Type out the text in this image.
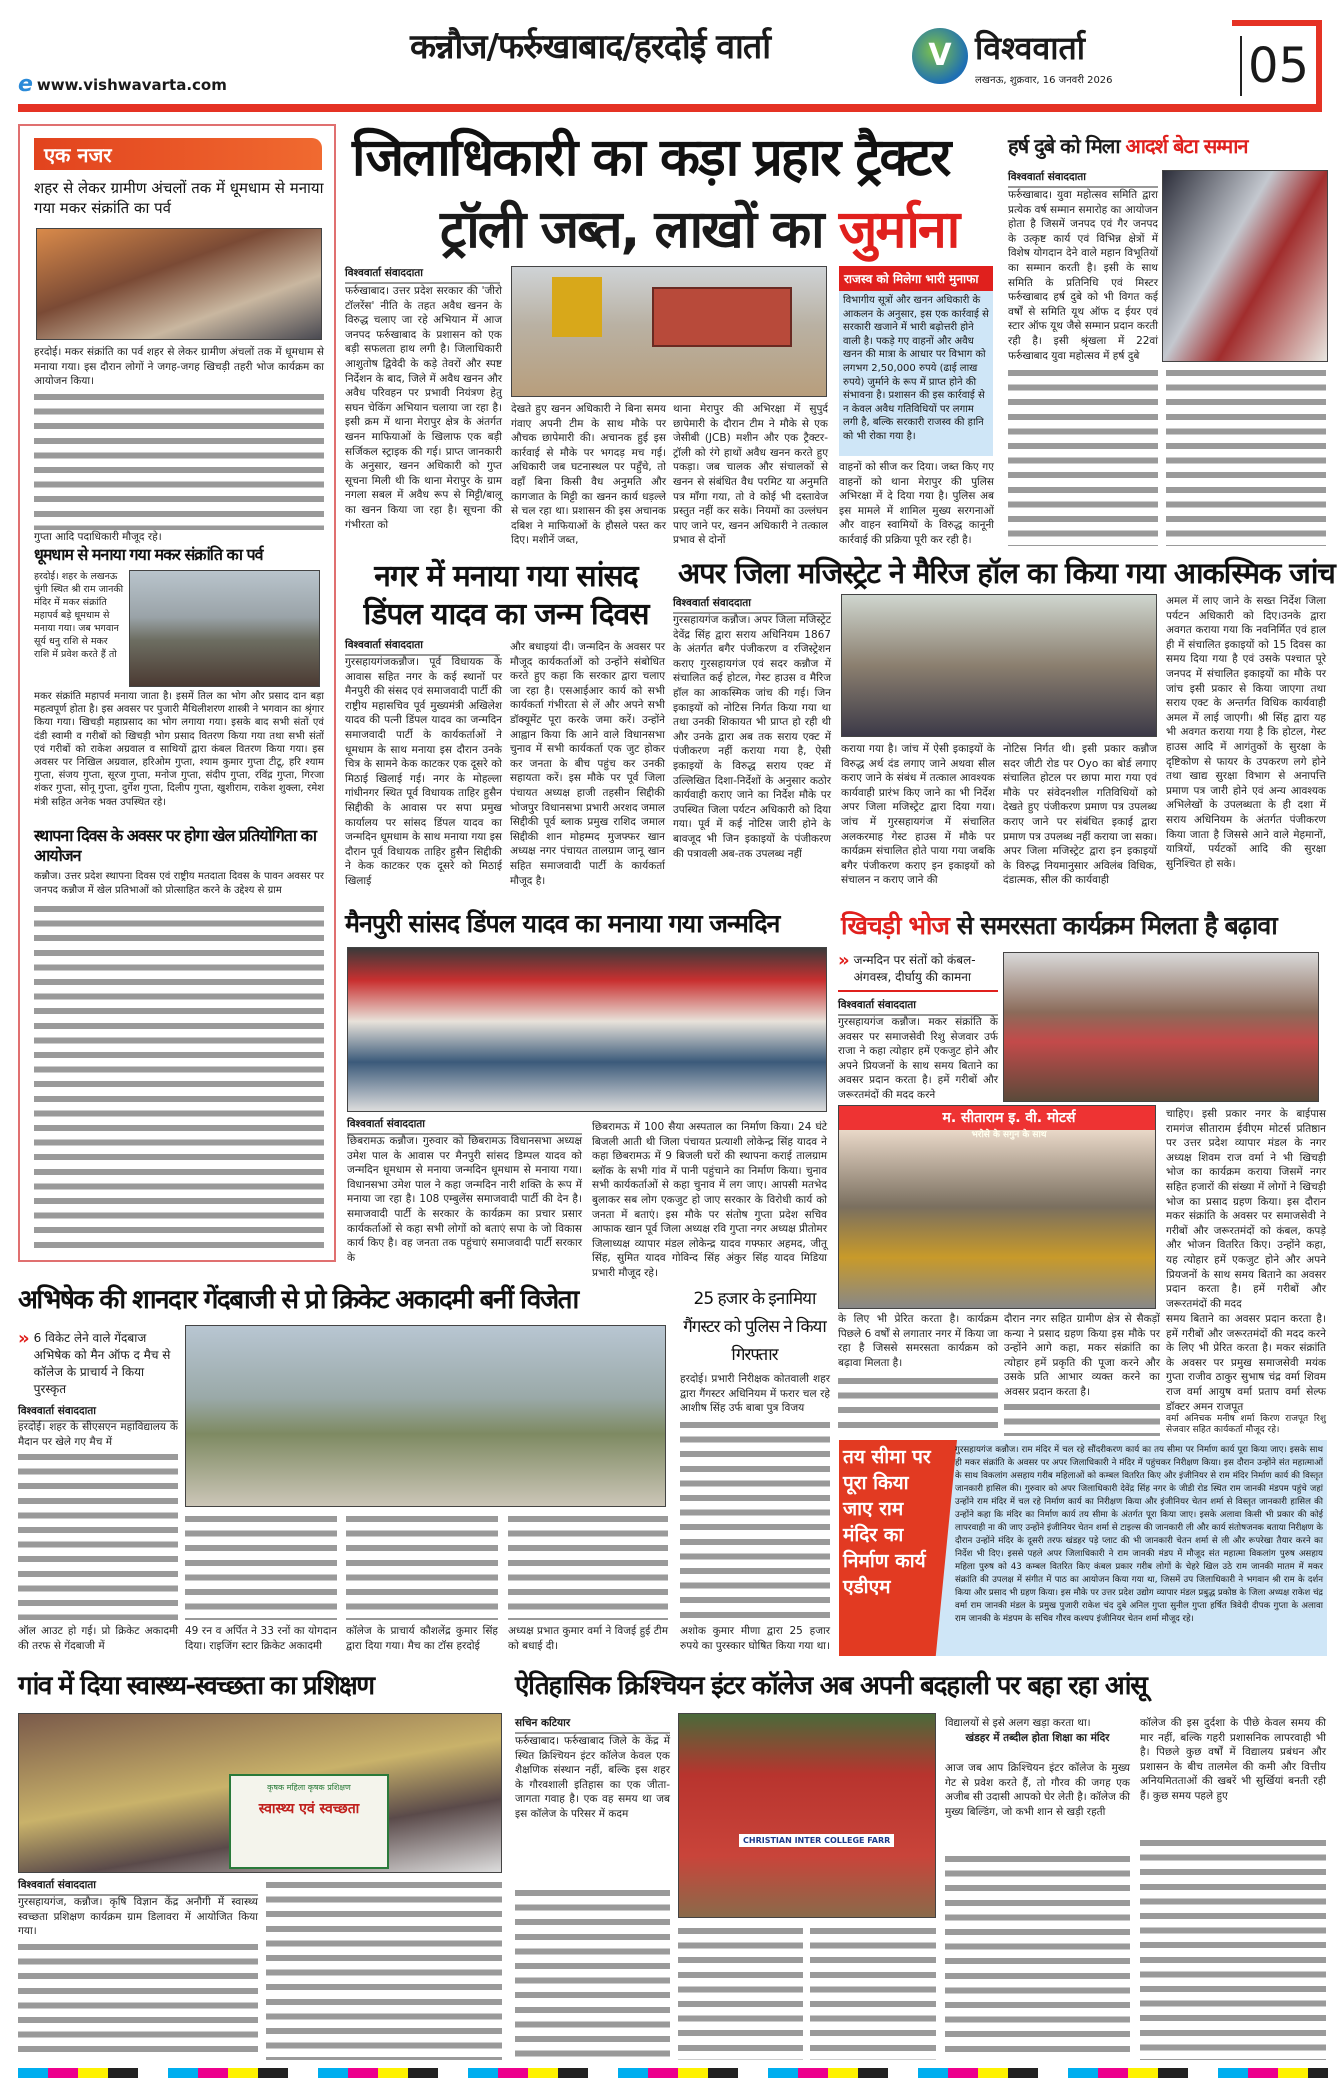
कन्नौज/फर्रुखाबाद/हरदोई वार्ता
e www.vishwavarta.com
V विश्ववार्ता
लखनऊ, शुक्रवार, 16 जनवरी 2026	05
एक नजर
शहर से लेकर ग्रामीण अंचलों तक में धूमधाम से मनाया गया मकर संक्रांति का पर्व
हरदोई। मकर संक्रांति का पर्व शहर से लेकर ग्रामीण अंचलों तक में धूमधाम से मनाया गया। इस दौरान लोगों ने जगह-जगह खिचड़ी तहरी भोज कार्यक्रम का आयोजन किया।
गुप्ता आदि पदाधिकारी मौजूद रहे।
धूमधाम से मनाया गया मकर संक्रांति का पर्व
हरदोई। शहर के लखनऊ चुंगी स्थित श्री राम जानकी मंदिर में मकर संक्रांति महापर्व बड़े धूमधाम से मनाया गया। जब भगवान सूर्य धनु राशि से मकर राशि में प्रवेश करते हैं तो
मकर संक्रांति महापर्व मनाया जाता है। इसमें तिल का भोग और प्रसाद दान बड़ा महत्वपूर्ण होता है। इस अवसर पर पुजारी मैथिलीशरण शास्त्री ने भगवान का श्रृंगार किया गया। खिचड़ी महाप्रसाद का भोग लगाया गया। इसके बाद सभी संतों एवं दंडी स्वामी व गरीबों को खिचड़ी भोग प्रसाद वितरण किया गया तथा सभी संतों एवं गरीबों को राकेश अग्रवाल व साथियों द्वारा कंबल वितरण किया गया। इस अवसर पर निखिल अग्रवाल, हरिओम गुप्ता, श्याम कुमार गुप्ता टीटू, हरि श्याम गुप्ता, संजय गुप्ता, सूरज गुप्ता, मनोज गुप्ता, संदीप गुप्ता, रविंद्र गुप्ता, गिरजा शंकर गुप्ता, सोनू गुप्ता, दुर्गेश गुप्ता, दिलीप गुप्ता, खुशीराम, राकेश शुक्ला, रमेश मंत्री सहित अनेक भक्त उपस्थित रहे।
स्थापना दिवस के अवसर पर होगा खेल प्रतियोगिता का आयोजन
कन्नौज। उत्तर प्रदेश स्थापना दिवस एवं राष्ट्रीय मतदाता दिवस के पावन अवसर पर जनपद कन्नौज में खेल प्रतिभाओं को प्रोत्साहित करने के उद्देश्य से ग्राम
जिलाधिकारी का कड़ा प्रहार ट्रैक्टर
ट्रॉली जब्त, लाखों का जुर्माना
विश्ववार्ता संवाददाता
फर्रुखाबाद। उत्तर प्रदेश सरकार की 'जीरो टॉलरेंस' नीति के तहत अवैध खनन के विरुद्ध चलाए जा रहे अभियान में आज जनपद फर्रुखाबाद के प्रशासन को एक बड़ी सफलता हाथ लगी है। जिलाधिकारी आशुतोष द्विवेदी के कड़े तेवरों और स्पष्ट निर्देशन के बाद, जिले में अवैध खनन और अवैध परिवहन पर प्रभावी नियंत्रण हेतु सघन चेकिंग अभियान चलाया जा रहा है। इसी क्रम में थाना मेरापुर क्षेत्र के अंतर्गत खनन माफियाओं के खिलाफ एक बड़ी सर्जिकल स्ट्राइक की गई। प्राप्त जानकारी के अनुसार, खनन अधिकारी को गुप्त सूचना मिली थी कि थाना मेरापुर के ग्राम नगला सबल में अवैध रूप से मिट्टी/बालू का खनन किया जा रहा है। सूचना की गंभीरता को
देखते हुए खनन अधिकारी ने बिना समय गंवाए अपनी टीम के साथ मौके पर औचक छापेमारी की। अचानक हुई इस कार्रवाई से मौके पर भगदड़ मच गई। अधिकारी जब घटनास्थल पर पहुँचे, तो वहाँ बिना किसी वैध अनुमति और कागजात के मिट्टी का खनन कार्य धड़ल्ले से चल रहा था। प्रशासन की इस अचानक दबिश ने माफियाओं के हौसले पस्त कर दिए। मशीनें जब्त,
थाना मेरापुर की अभिरक्षा में सुपुर्द छापेमारी के दौरान टीम ने मौके से एक जेसीबी (JCB) मशीन और एक ट्रैक्टर-ट्रॉली को रंगे हाथों अवैध खनन करते हुए पकड़ा। जब चालक और संचालकों से खनन से संबंधित वैध परमिट या अनुमति पत्र माँगा गया, तो वे कोई भी दस्तावेज प्रस्तुत नहीं कर सके। नियमों का उल्लंघन पाए जाने पर, खनन अधिकारी ने तत्काल प्रभाव से दोनों
राजस्व को मिलेगा भारी मुनाफा
विभागीय सूत्रों और खनन अधिकारी के आकलन के अनुसार, इस एक कार्रवाई से सरकारी खजाने में भारी बढ़ोत्तरी होने वाली है। पकड़े गए वाहनों और अवैध खनन की मात्रा के आधार पर विभाग को लगभग 2,50,000 रुपये (ढाई लाख रुपये) जुर्माने के रूप में प्राप्त होने की संभावना है। प्रशासन की इस कार्रवाई से न केवल अवैध गतिविधियों पर लगाम लगी है, बल्कि सरकारी राजस्व की हानि को भी रोका गया है।
वाहनों को सीज कर दिया। जब्त किए गए वाहनों को थाना मेरापुर की पुलिस अभिरक्षा में दे दिया गया है। पुलिस अब इस मामले में शामिल मुख्य सरगनाओं और वाहन स्वामियों के विरुद्ध कानूनी कार्रवाई की प्रक्रिया पूरी कर रही है।
हर्ष दुबे को मिला आदर्श बेटा सम्मान
विश्ववार्ता संवाददाता
फर्रुखाबाद। युवा महोत्सव समिति द्वारा प्रत्येक वर्ष सम्मान समारोह का आयोजन होता है जिसमें जनपद एवं गैर जनपद के उत्कृष्ट कार्य एवं विभिन्न क्षेत्रों में विशेष योगदान देने वाले महान विभूतियों का सम्मान करती है। इसी के साथ समिति के प्रतिनिधि एवं मिस्टर फर्रुखाबाद हर्ष दुबे को भी विगत कई वर्षों से समिति यूथ ऑफ द ईयर एवं स्टार ऑफ यूथ जैसे सम्मान प्रदान करती रही है। इसी श्रृंखला में 22वां फर्रुखाबाद युवा महोत्सव में हर्ष दुबे
नगर में मनाया गया सांसद डिंपल यादव का जन्म दिवस
विश्ववार्ता संवाददाता
गुरसहायगंजकन्नौज। पूर्व विधायक के आवास सहित नगर के कई स्थानों पर मैनपुरी की संसद एवं समाजवादी पार्टी की राष्ट्रीय महासचिव पूर्व मुख्यमंत्री अखिलेश यादव की पत्नी डिंपल यादव का जन्मदिन समाजवादी पार्टी के कार्यकर्ताओं ने धूमधाम के साथ मनाया इस दौरान उनके चित्र के सामने केक काटकर एक दूसरे को मिठाई खिलाई गई। नगर के मोहल्ला गांधीनगर स्थित पूर्व विधायक ताहिर हुसैन सिद्दीकी के आवास पर सपा प्रमुख कार्यालय पर सांसद डिंपल यादव का जन्मदिन धूमधाम के साथ मनाया गया इस दौरान पूर्व विधायक ताहिर हुसैन सिद्दीकी ने केक काटकर एक दूसरे को मिठाई खिलाई
और बधाइयां दी। जन्मदिन के अवसर पर मौजूद कार्यकर्ताओं को उन्होंने संबोधित करते हुए कहा कि सरकार द्वारा चलाए जा रहा है। एसआईआर कार्य को सभी कार्यकर्ता गंभीरता से लें और अपने सभी डॉक्यूमेंट पूरा करके जमा करें। उन्होंने आह्वान किया कि आने वाले विधानसभा चुनाव में सभी कार्यकर्ता एक जुट होकर कर जनता के बीच पहुंच कर उनकी सहायता करें। इस मौके पर पूर्व जिला पंचायत अध्यक्ष हाजी तहसीन सिद्दीकी भोजपुर विधानसभा प्रभारी अरशद जमाल सिद्दीकी पूर्व ब्लाक प्रमुख राशिद जमाल सिद्दीकी शान मोहम्मद मुजफ्फर खान अध्यक्ष नगर पंचायत तालग्राम जानू खान सहित समाजवादी पार्टी के कार्यकर्ता मौजूद है।
अपर जिला मजिस्ट्रेट ने मैरिज हॉल का किया गया आकस्मिक जांच
विश्ववार्ता संवाददाता
गुरसहायगंज कन्नौज। अपर जिला मजिस्ट्रेट देवेंद्र सिंह द्वारा सराय अधिनियम 1867 के अंतर्गत बगैर पंजीकरण व रजिस्ट्रेशन कराए गुरसहायगंज एवं सदर कन्नौज में संचालित कई होटल, गेस्ट हाउस व मैरिज हॉल का आकस्मिक जांच की गई। जिन इकाइयों को नोटिस निर्गत किया गया था तथा उनकी शिकायत भी प्राप्त हो रही थी और उनके द्वारा अब तक सराय एक्ट में पंजीकरण नहीं कराया गया है, ऐसी इकाइयों के विरुद्ध सराय एक्ट में उल्लिखित दिशा-निर्देशों के अनुसार कठोर कार्यवाही कराए जाने का निर्देश मौके पर उपस्थित जिला पर्यटन अधिकारी को दिया गया। पूर्व में कई नोटिस जारी होने के बावजूद भी जिन इकाइयों के पंजीकरण की पत्रावली अब-तक उपलब्ध नहीं
कराया गया है। जांच में ऐसी इकाइयों के विरुद्ध अर्थ दंड लगाए जाने अथवा सील कराए जाने के संबंध में तत्काल आवश्यक कार्यवाही प्रारंभ किए जाने का भी निर्देश अपर जिला मजिस्ट्रेट द्वारा दिया गया। जांच में गुरसहायगंज में संचालित अलकरमाह गेस्ट हाउस में मौके पर कार्यक्रम संचालित होते पाया गया जबकि बगैर पंजीकरण कराए इन इकाइयों को संचालन न कराए जाने की
नोटिस निर्गत थी। इसी प्रकार कन्नौज सदर जीटी रोड पर Oyo का बोर्ड लगाए संचालित होटल पर छापा मारा गया एवं मौके पर संवेदनशील गतिविधियों को देखते हुए पंजीकरण प्रमाण पत्र उपलब्ध कराए जाने पर संबंधित इकाई द्वारा प्रमाण पत्र उपलब्ध नहीं कराया जा सका। अपर जिला मजिस्ट्रेट द्वारा इन इकाइयों के विरुद्ध नियमानुसार अविलंब विधिक, दंडात्मक, सील की कार्यवाही
अमल में लाए जाने के सख्त निर्देश जिला पर्यटन अधिकारी को दिए।उनके द्वारा अवगत कराया गया कि नवनिर्मित एवं हाल ही में संचालित इकाइयों को 15 दिवस का समय दिया गया है एवं उसके पश्चात पूरे जनपद में संचालित इकाइयों का मौके पर जांच इसी प्रकार से किया जाएगा तथा सराय एक्ट के अन्तर्गत विधिक कार्यवाही अमल में लाई जाएगी। श्री सिंह द्वारा यह भी अवगत कराया गया है कि होटल, गेस्ट हाउस आदि में आगंतुकों के सुरक्षा के दृष्टिकोण से फायर के उपकरण लगे होने तथा खाद्य सुरक्षा विभाग से अनापत्ति प्रमाण पत्र जारी होने एवं अन्य आवश्यक अभिलेखों के उपलब्धता के ही दशा में सराय अधिनियम के अंतर्गत पंजीकरण किया जाता है जिससे आने वाले मेहमानों, यात्रियों, पर्यटकों आदि की सुरक्षा सुनिश्चित हो सके।
मैनपुरी सांसद डिंपल यादव का मनाया गया जन्मदिन
विश्ववार्ता संवाददाता
छिबरामऊ कन्नौज। गुरुवार को छिबरामऊ विधानसभा अध्यक्ष उमेश पाल के आवास पर मैनपुरी सांसद डिम्पल यादव को जन्मदिन धूमधाम से मनाया जन्मदिन धूमधाम से मनाया गया। विधानसभा उमेश पाल ने कहा जन्मदिन नारी शक्ति के रूप में मनाया जा रहा है। 108 एम्बुलेंस समाजवादी पार्टी की देन है। समाजवादी पार्टी के सरकार के कार्यक्रम का प्रचार प्रसार कार्यकर्ताओं से कहा सभी लोगों को बताएं सपा के जो विकास कार्य किए है। वह जनता तक पहुंचाएं समाजवादी पार्टी सरकार के
छिबरामऊ में 100 सैया अस्पताल का निर्माण किया। 24 घंटे बिजली आती थी जिला पंचायत प्रत्याशी लोकेन्द्र सिंह यादव ने कहा छिबरामऊ में 9 बिजली घरों की स्थापना कराई तालग्राम ब्लॉक के सभी गांव में पानी पहुंचाने का निर्माण किया। चुनाव सभी कार्यकर्ताओं से कहा चुनाव में लग जाए। आपसी मतभेद बुलाकर सब लोग एकजुट हो जाए सरकार के विरोधी कार्य को जनता में बताएं। इस मौके पर संतोष गुप्ता प्रदेश सचिव आफाक खान पूर्व जिला अध्यक्ष रवि गुप्ता नगर अध्यक्ष प्रीतोमर जिलाध्यक्ष व्यापार मंडल लोकेन्द्र यादव गफ्फार अहमद, जीतू सिंह, सुमित यादव गोविन्द सिंह अंकुर सिंह यादव मिडिया प्रभारी मौजूद रहे।
खिचड़ी भोज से समरसता कार्यक्रम मिलता है बढ़ावा
» जन्मदिन पर संतों को कंबल-अंगवस्त्र, दीर्घायु की कामना
विश्ववार्ता संवाददाता
गुरसहायगंज कन्नौज। मकर संक्रांति के अवसर पर समाजसेवी रिशु सेजवार उर्फ राजा ने कहा त्योहार हमें एकजुट होने और अपने प्रियजनों के साथ समय बिताने का अवसर प्रदान करता है। हमें गरीबों और जरूरतमंदों की मदद करने
म. सीताराम इ. वी. मोटर्स
भरोसे के सगुन के साथ
चाहिए। इसी प्रकार नगर के बाईपास रामगंज सीताराम ईवीएम मोटर्स प्रतिष्ठान पर उत्तर प्रदेश व्यापार मंडल के नगर अध्यक्ष शिवम राज वर्मा ने भी खिचड़ी भोज का कार्यक्रम कराया जिसमें नगर सहित हजारों की संख्या में लोगों ने खिचड़ी भोज का प्रसाद ग्रहण किया। इस दौरान मकर संक्रांति के अवसर पर समाजसेवी ने गरीबों और जरूरतमंदों को कंबल, कपड़े और भोजन वितरित किए। उन्होंने कहा, यह त्योहार हमें एकजुट होने और अपने प्रियजनों के साथ समय बिताने का अवसर प्रदान करता है। हमें गरीबों और जरूरतमंदों की मदद
के लिए भी प्रेरित करता है। कार्यक्रम पिछले 6 वर्षों से लगातार नगर में किया जा रहा है जिससे समरसता कार्यक्रम को बढ़ावा मिलता है।
दौरान नगर सहित ग्रामीण क्षेत्र से सैकड़ों कन्या ने प्रसाद ग्रहण किया इस मौके पर उन्होंने आगे कहा, मकर संक्रांति का त्योहार हमें प्रकृति की पूजा करने और उसके प्रति आभार व्यक्त करने का अवसर प्रदान करता है।
समय बिताने का अवसर प्रदान करता है। हमें गरीबों और जरूरतमंदों की मदद करने के लिए भी प्रेरित करता है। मकर संक्रांति के अवसर पर प्रमुख समाजसेवी मयंक गुप्ता राजीव ठाकुर सुभाष चंद्र वर्मा शिवम राज वर्मा आयुष वर्मा प्रताप वर्मा सेल्फ डॉक्टर अमन राजपूत
वर्मा अनिचक मनीष शर्मा किरण राजपूत रिशु सेजवार सहित कार्यकर्ता मौजूद रहे।
अभिषेक की शानदार गेंदबाजी से प्रो क्रिकेट अकादमी बनीं विजेता
» 6 विकेट लेने वाले गेंदबाज अभिषेक को मैन ऑफ द मैच से कॉलेज के प्राचार्य ने किया पुरस्कृत
विश्ववार्ता संवाददाता
हरदोई। शहर के सीएसएन महाविद्यालय के मैदान पर खेले गए मैच में
ऑल आउट हो गई। प्रो क्रिकेट अकादमी की तरफ से गेंदबाजी में
49 रन व अर्पित ने 33 रनों का योगदान दिया। राइजिंग स्टार क्रिकेट अकादमी
कॉलेज के प्राचार्य कौशलेंद्र कुमार सिंह द्वारा दिया गया। मैच का टॉस हरदोई
अध्यक्ष प्रभात कुमार वर्मा ने विजई हुई टीम को बधाई दी।
25 हजार के इनामिया गैंगस्टर को पुलिस ने किया गिरफ्तार
हरदोई। प्रभारी निरीक्षक कोतवाली शहर द्वारा गैंगस्टर अधिनियम में फरार चल रहे आशीष सिंह उर्फ बाबा पुत्र विजय
अशोक कुमार मीणा द्वारा 25 हजार रुपये का पुरस्कार घोषित किया गया था।
तय सीमा पर पूरा किया जाए राम मंदिर का निर्माण कार्य एडीएम
गुरसहायगंज कन्नौज। राम मंदिर में चल रहे सौंदरीकरण कार्य का तय सीमा पर निर्माण कार्य पूरा किया जाए। इसके साथ ही मकर संक्रांति के अवसर पर अपर जिलाधिकारी ने मंदिर में पहुंचकर निरीक्षण किया। इस दौरान उन्होंने संत महात्माओं के साथ विकलांग असहाय गरीब महिलाओं को कम्बल वितरित किए और इंजीनियर से राम मंदिर निर्माण कार्य की विस्तृत जानकारी हासिल की। गुरुवार को अपर जिलाधिकारी देवेंद्र सिंह नगर के जीडी रोड स्थित राम जानकी मंडपम पहुंचे जहां उन्होंने राम मंदिर में चल रहे निर्माण कार्य का निरीक्षण किया और इंजीनियर चेतन शर्मा से विस्तृत जानकारी हासिल की उन्होंने कहा कि मंदिर का निर्माण कार्य तय सीमा के अंतर्गत पूरा किया जाए। इसके अलावा किसी भी प्रकार की कोई लापरवाही ना की जाए उन्होंने इंजीनियर चेतन शर्मा से टाइल्स की जानकारी ली और कार्य संतोषजनक बताया निरीक्षण के दौरान उन्होंने मंदिर के दूसरी तरफ खंडहर पड़े प्लाट की भी जानकारी चेतन शर्मा से ली और रूपरेखा तैयार करने का निर्देश भी दिए। इससे पहले अपर जिलाधिकारी ने राम जानकी मंडप में मौजूद संत महात्मा विकलांग पुरुष असहाय महिला पुरुष को 43 कम्बल वितरित किए कंबल प्रकार गरीब लोगों के चेहरे खिल उठे राम जानकी मातम में मकर संक्रांति की उपलक्ष में संगीत में पाठ का आयोजन किया गया था, जिसमें उप जिलाधिकारी ने भगवान श्री राम के दर्शन किया और प्रसाद भी ग्रहण किया। इस मौके पर उत्तर प्रदेश उद्योग व्यापार मंडल प्रबुद्ध प्रकोष्ठ के जिला अध्यक्ष राकेश चंद्र वर्मा राम जानकी मंडल के प्रमुख पुजारी राकेश चंद दुबे अनिल गुप्ता सुनील गुप्ता हर्षित त्रिवेदी दीपक गुप्ता के अलावा राम जानकी के मंडपम के सचिव गौरव कश्यप इंजीनियर चेतन शर्मा मौजूद रहे।
गांव में दिया स्वास्थ्य-स्वच्छता का प्रशिक्षण
कृषक महिला कृषक प्रशिक्षण
स्वास्थ्य एवं स्वच्छता
विश्ववार्ता संवाददाता
गुरसहायगंज, कन्नौज। कृषि विज्ञान केंद्र अनौगी में स्वास्थ्य स्वच्छता प्रशिक्षण कार्यक्रम ग्राम डिलावरा में आयोजित किया गया।
ऐतिहासिक क्रिश्चियन इंटर कॉलेज अब अपनी बदहाली पर बहा रहा आंसू
सचिन कटियार
फर्रुखाबाद। फर्रुखाबाद जिले के केंद्र में स्थित क्रिश्चियन इंटर कॉलेज केवल एक शैक्षणिक संस्थान नहीं, बल्कि इस शहर के गौरवशाली इतिहास का एक जीता-जागता गवाह है। एक वह समय था जब इस कॉलेज के परिसर में कदम
CHRISTIAN INTER COLLEGE FARR
विद्यालयों से इसे अलग खड़ा करता था।
खंडहर में तब्दील होता शिक्षा का मंदिर
आज जब आप क्रिश्चियन इंटर कॉलेज के मुख्य गेट से प्रवेश करते हैं, तो गौरव की जगह एक अजीब सी उदासी आपको घेर लेती है। कॉलेज की मुख्य बिल्डिंग, जो कभी शान से खड़ी रहती
कॉलेज की इस दुर्दशा के पीछे केवल समय की मार नहीं, बल्कि गहरी प्रशासनिक लापरवाही भी है। पिछले कुछ वर्षों में विद्यालय प्रबंधन और प्रशासन के बीच तालमेल की कमी और वित्तीय अनियमितताओं की खबरें भी सुर्खियां बनती रही हैं। कुछ समय पहले हुए
